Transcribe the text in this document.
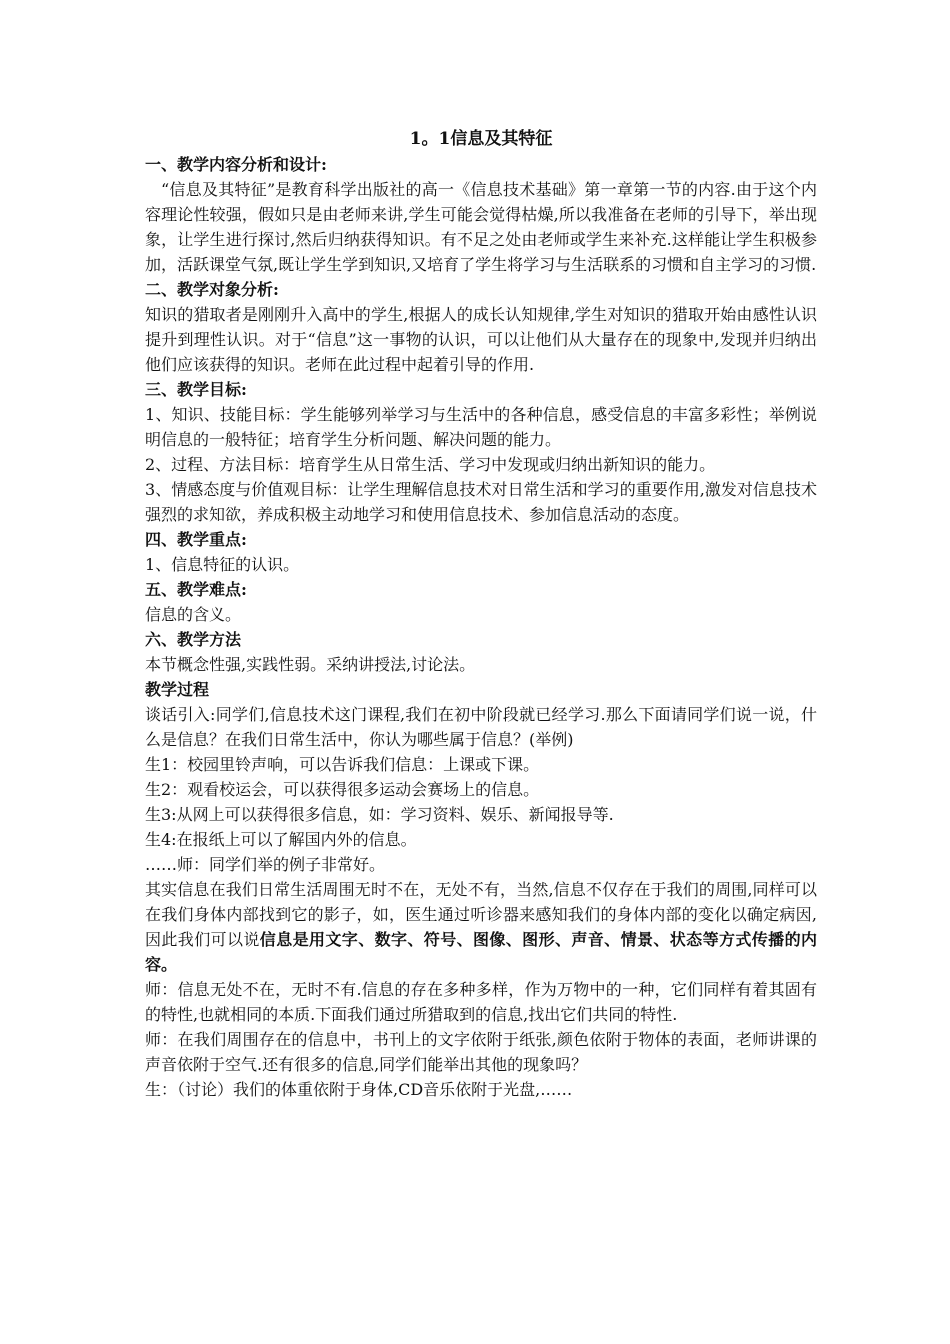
1。1信息及其特征

一、教学内容分析和设计:

“信息及其特征”是教育科学出版社的高一《信息技术基础》第一章第一节的内容.由于这个内容理论性较强，假如只是由老师来讲,学生可能会觉得枯燥,所以我准备在老师的引导下，举出现象，让学生进行探讨,然后归纳获得知识。有不足之处由老师或学生来补充.这样能让学生积极参加，活跃课堂气氛,既让学生学到知识,又培育了学生将学习与生活联系的习惯和自主学习的习惯.

二、教学对象分析:

知识的猎取者是刚刚升入高中的学生,根据人的成长认知规律,学生对知识的猎取开始由感性认识提升到理性认识。对于“信息”这一事物的认识，可以让他们从大量存在的现象中,发现并归纳出他们应该获得的知识。老师在此过程中起着引导的作用.

三、教学目标:

1、知识、技能目标：学生能够列举学习与生活中的各种信息，感受信息的丰富多彩性；举例说明信息的一般特征；培育学生分析问题、解决问题的能力。

2、过程、方法目标：培育学生从日常生活、学习中发现或归纳出新知识的能力。

3、情感态度与价值观目标：让学生理解信息技术对日常生活和学习的重要作用,激发对信息技术强烈的求知欲，养成积极主动地学习和使用信息技术、参加信息活动的态度。

四、教学重点:

1、信息特征的认识。

五、教学难点:

信息的含义。

六、教学方法

本节概念性强,实践性弱。采纳讲授法,讨论法。

教学过程

谈话引入:同学们,信息技术这门课程,我们在初中阶段就已经学习.那么下面请同学们说一说，什么是信息？在我们日常生活中，你认为哪些属于信息？(举例)

生1：校园里铃声响，可以告诉我们信息：上课或下课。

生2：观看校运会，可以获得很多运动会赛场上的信息。

生3:从网上可以获得很多信息，如：学习资料、娱乐、新闻报导等.

生4:在报纸上可以了解国内外的信息。

……师：同学们举的例子非常好。

其实信息在我们日常生活周围无时不在，无处不有，当然,信息不仅存在于我们的周围,同样可以在我们身体内部找到它的影子，如，医生通过听诊器来感知我们的身体内部的变化以确定病因,因此我们可以说信息是用文字、数字、符号、图像、图形、声音、情景、状态等方式传播的内容。

师：信息无处不在，无时不有.信息的存在多种多样，作为万物中的一种，它们同样有着其固有的特性,也就相同的本质.下面我们通过所猎取到的信息,找出它们共同的特性.

师：在我们周围存在的信息中，书刊上的文字依附于纸张,颜色依附于物体的表面，老师讲课的声音依附于空气.还有很多的信息,同学们能举出其他的现象吗？

生：（讨论）我们的体重依附于身体,CD音乐依附于光盘,……
